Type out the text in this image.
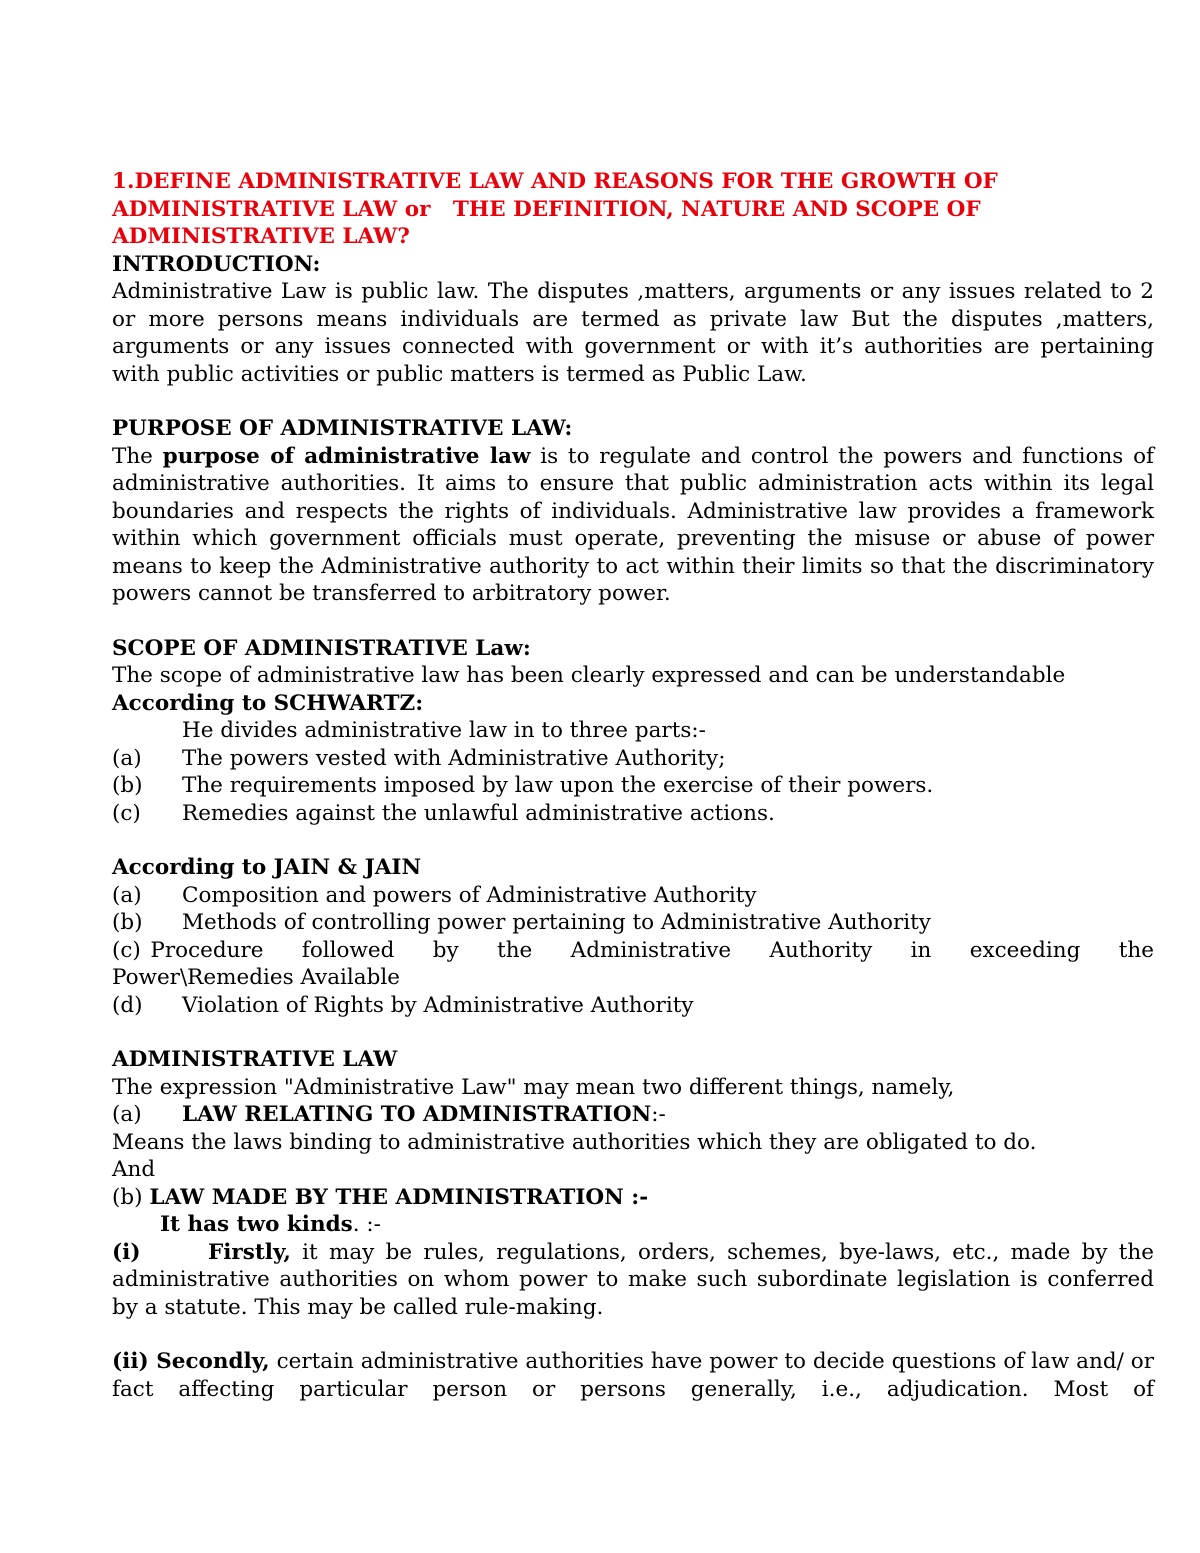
1.DEFINE ADMINISTRATIVE LAW AND REASONS FOR THE GROWTH OF
ADMINISTRATIVE LAW or   THE DEFINITION, NATURE AND SCOPE OF
ADMINISTRATIVE LAW?
INTRODUCTION:

Administrative Law is public law. The disputes ,matters, arguments or any issues related to 2 or more persons means individuals are termed as private law But the disputes ,matters, arguments or any issues connected with government or with it’s authorities are pertaining with public activities or public matters is termed as Public Law.

PURPOSE OF ADMINISTRATIVE LAW:

The purpose of administrative law is to regulate and control the powers and functions of administrative authorities. It aims to ensure that public administration acts within its legal boundaries and respects the rights of individuals. Administrative law provides a framework within which government officials must operate, preventing the misuse or abuse of power means to keep the Administrative authority to act within their limits so that the discriminatory powers cannot be transferred to arbitratory power.

SCOPE OF ADMINISTRATIVE Law:

The scope of administrative law has been clearly expressed and can be understandable

According to SCHWARTZ:
He divides administrative law in to three parts:-
(a)	The powers vested with Administrative Authority;
(b)	The requirements imposed by law upon the exercise of their powers.
(c)	Remedies against the unlawful administrative actions.
According to JAIN & JAIN
(a)	Composition and powers of Administrative Authority
(b)	Methods of controlling power pertaining to Administrative Authority
(c) Procedure followed by the Administrative Authority in exceeding the
Power\Remedies Available
(d)	Violation of Rights by Administrative Authority
ADMINISTRATIVE LAW

The expression "Administrative Law" may mean two different things, namely,

(a)	LAW RELATING TO ADMINISTRATION:-

Means the laws binding to administrative authorities which they are obligated to do.

And
(b) LAW MADE BY THE ADMINISTRATION :-
It has two kinds. :-

(i)	Firstly, it may be rules, regulations, orders, schemes, bye-laws, etc., made by the administrative authorities on whom power to make such subordinate legislation is conferred by a statute. This may be called rule-making.

(ii) Secondly, certain administrative authorities have power to decide questions of law and/ or fact affecting particular person or persons generally, i.e., adjudication. Most of
